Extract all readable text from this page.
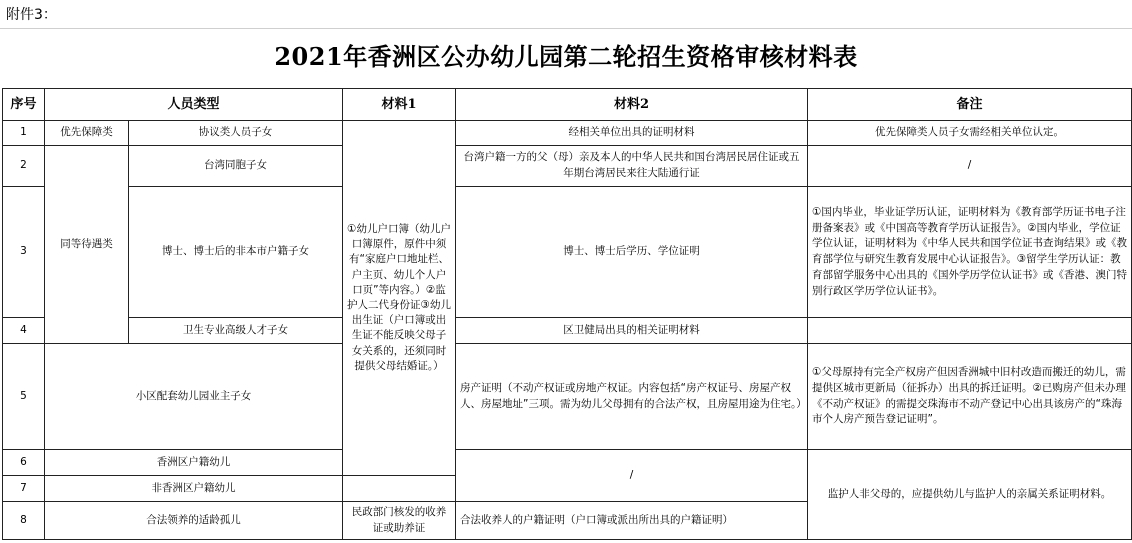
附件3：
2021年香洲区公办幼儿园第二轮招生资格审核材料表
序号	人员类型		材料1	材料2	备注
1	优先保障类	协议类人员子女	①幼儿户口簿（幼儿户口簿原件，原件中须有“家庭户口地址栏、户主页、幼儿个人户口页”等内容。）②监护人二代身份证③幼儿出生证（户口簿或出生证不能反映父母子女关系的，还须同时提供父母结婚证。）	经相关单位出具的证明材料	优先保障类人员子女需经相关单位认定。
2	同等待遇类	台湾同胞子女		台湾户籍一方的父（母）亲及本人的中华人民共和国台湾居民居住证或五年期台湾居民来往大陆通行证	/
3		博士、博士后的非本市户籍子女		博士、博士后学历、学位证明	①国内毕业，毕业证学历认证，证明材料为《教育部学历证书电子注册备案表》或《中国高等教育学历认证报告》。②国内毕业，学位证学位认证，证明材料为《中华人民共和国学位证书查询结果》或《教育部学位与研究生教育发展中心认证报告》。③留学生学历认证：教育部留学服务中心出具的《国外学历学位认证书》或《香港、澳门特别行政区学历学位认证书》。
4		卫生专业高级人才子女		区卫健局出具的相关证明材料	
5	小区配套幼儿园业主子女			房产证明（不动产权证或房地产权证。内容包括“房产权证号、房屋产权人、房屋地址”三项。需为幼儿父母拥有的合法产权，且房屋用途为住宅。）	①父母原持有完全产权房产但因香洲城中旧村改造而搬迁的幼儿，需提供区城市更新局（征拆办）出具的拆迁证明。②已购房产但未办理《不动产权证》的需提交珠海市不动产登记中心出具该房产的“珠海市个人房产预告登记证明”。
6	香洲区户籍幼儿			/	监护人非父母的，应提供幼儿与监护人的亲属关系证明材料。
7	非香洲区户籍幼儿				
8	合法领养的适龄孤儿		民政部门核发的收养证或助养证	合法收养人的户籍证明（户口簿或派出所出具的户籍证明）	
